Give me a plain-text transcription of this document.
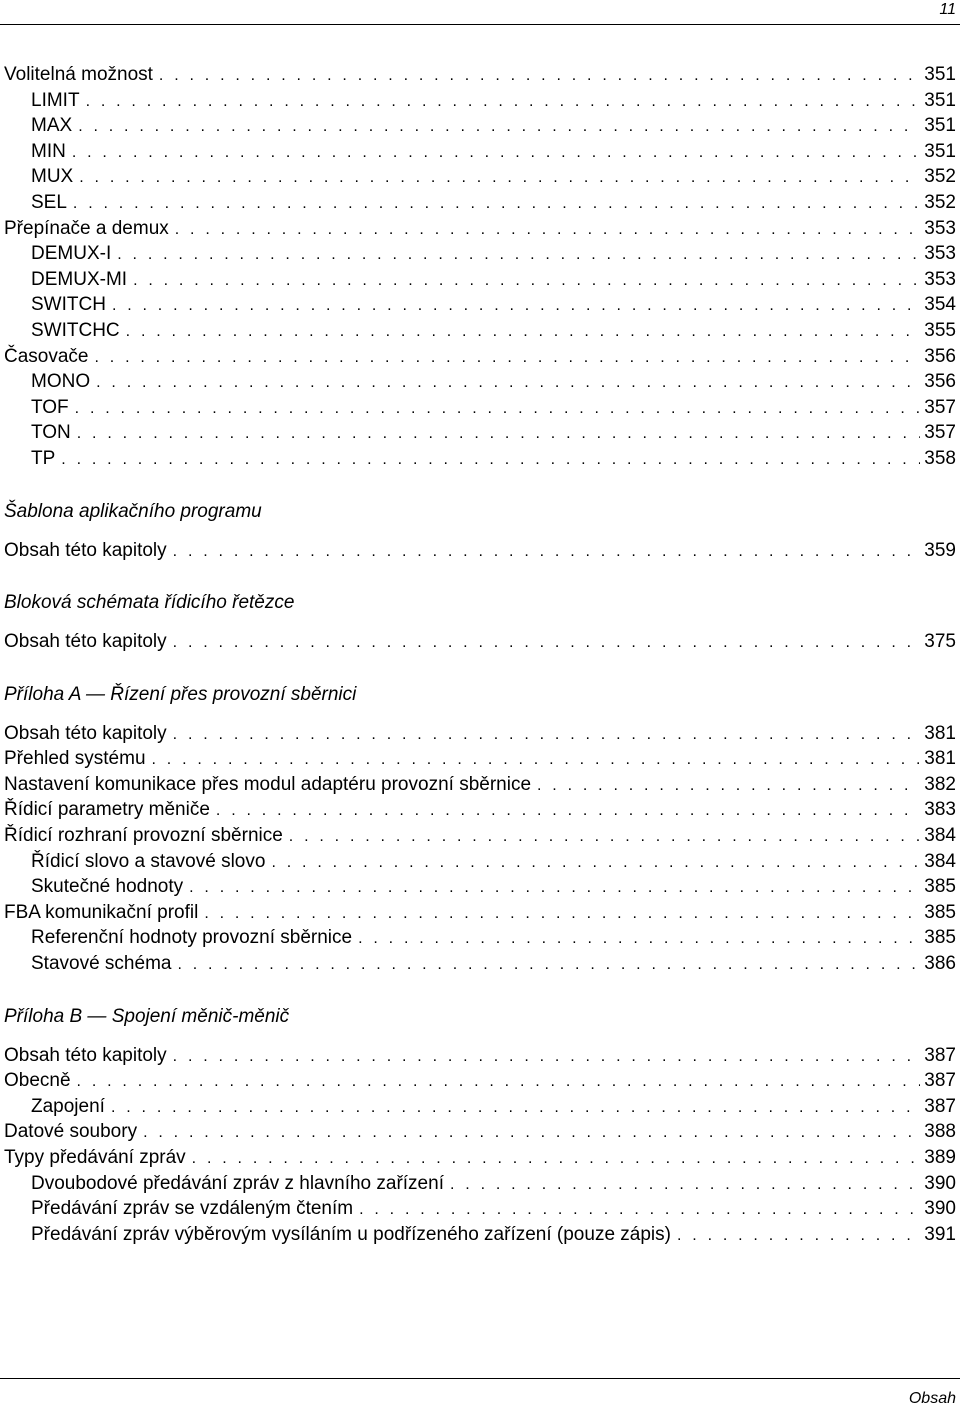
11
Volitelná možnost . . .	351
LIMIT . . .	351
MAX . . .	351
MIN . . .	351
MUX . . .	352
SEL . . .	352
Přepínače a demux . . .	353
DEMUX-I . . .	353
DEMUX-MI . . .	353
SWITCH . . .	354
SWITCHC . . .	355
Časovače . . .	356
MONO . . .	356
TOF . . .	357
TON . . .	357
TP . . .	358
Šablona aplikačního programu
Obsah této kapitoly . . .	359
Bloková schémata řídicího řetězce
Obsah této kapitoly . . .	375
Příloha A — Řízení přes provozní sběrnici
Obsah této kapitoly . . .	381
Přehled systému . . .	381
Nastavení komunikace přes modul adaptéru provozní sběrnice . . .	382
Řídicí parametry měniče . . .	383
Řídicí rozhraní provozní sběrnice . . .	384
Řídicí slovo a stavové slovo . . .	384
Skutečné hodnoty . . .	385
FBA komunikační profil . . .	385
Referenční hodnoty provozní sběrnice . . .	385
Stavové schéma . . .	386
Příloha B — Spojení měnič-měnič
Obsah této kapitoly . . .	387
Obecně . . .	387
Zapojení . . .	387
Datové soubory . . .	388
Typy předávání zpráv . . .	389
Dvoubodové předávání zpráv z hlavního zařízení . . .	390
Předávání zpráv se vzdáleným čtením . . .	390
Předávání zpráv výběrovým vysíláním u podřízeného zařízení (pouze zápis) . . .	391
Obsah
